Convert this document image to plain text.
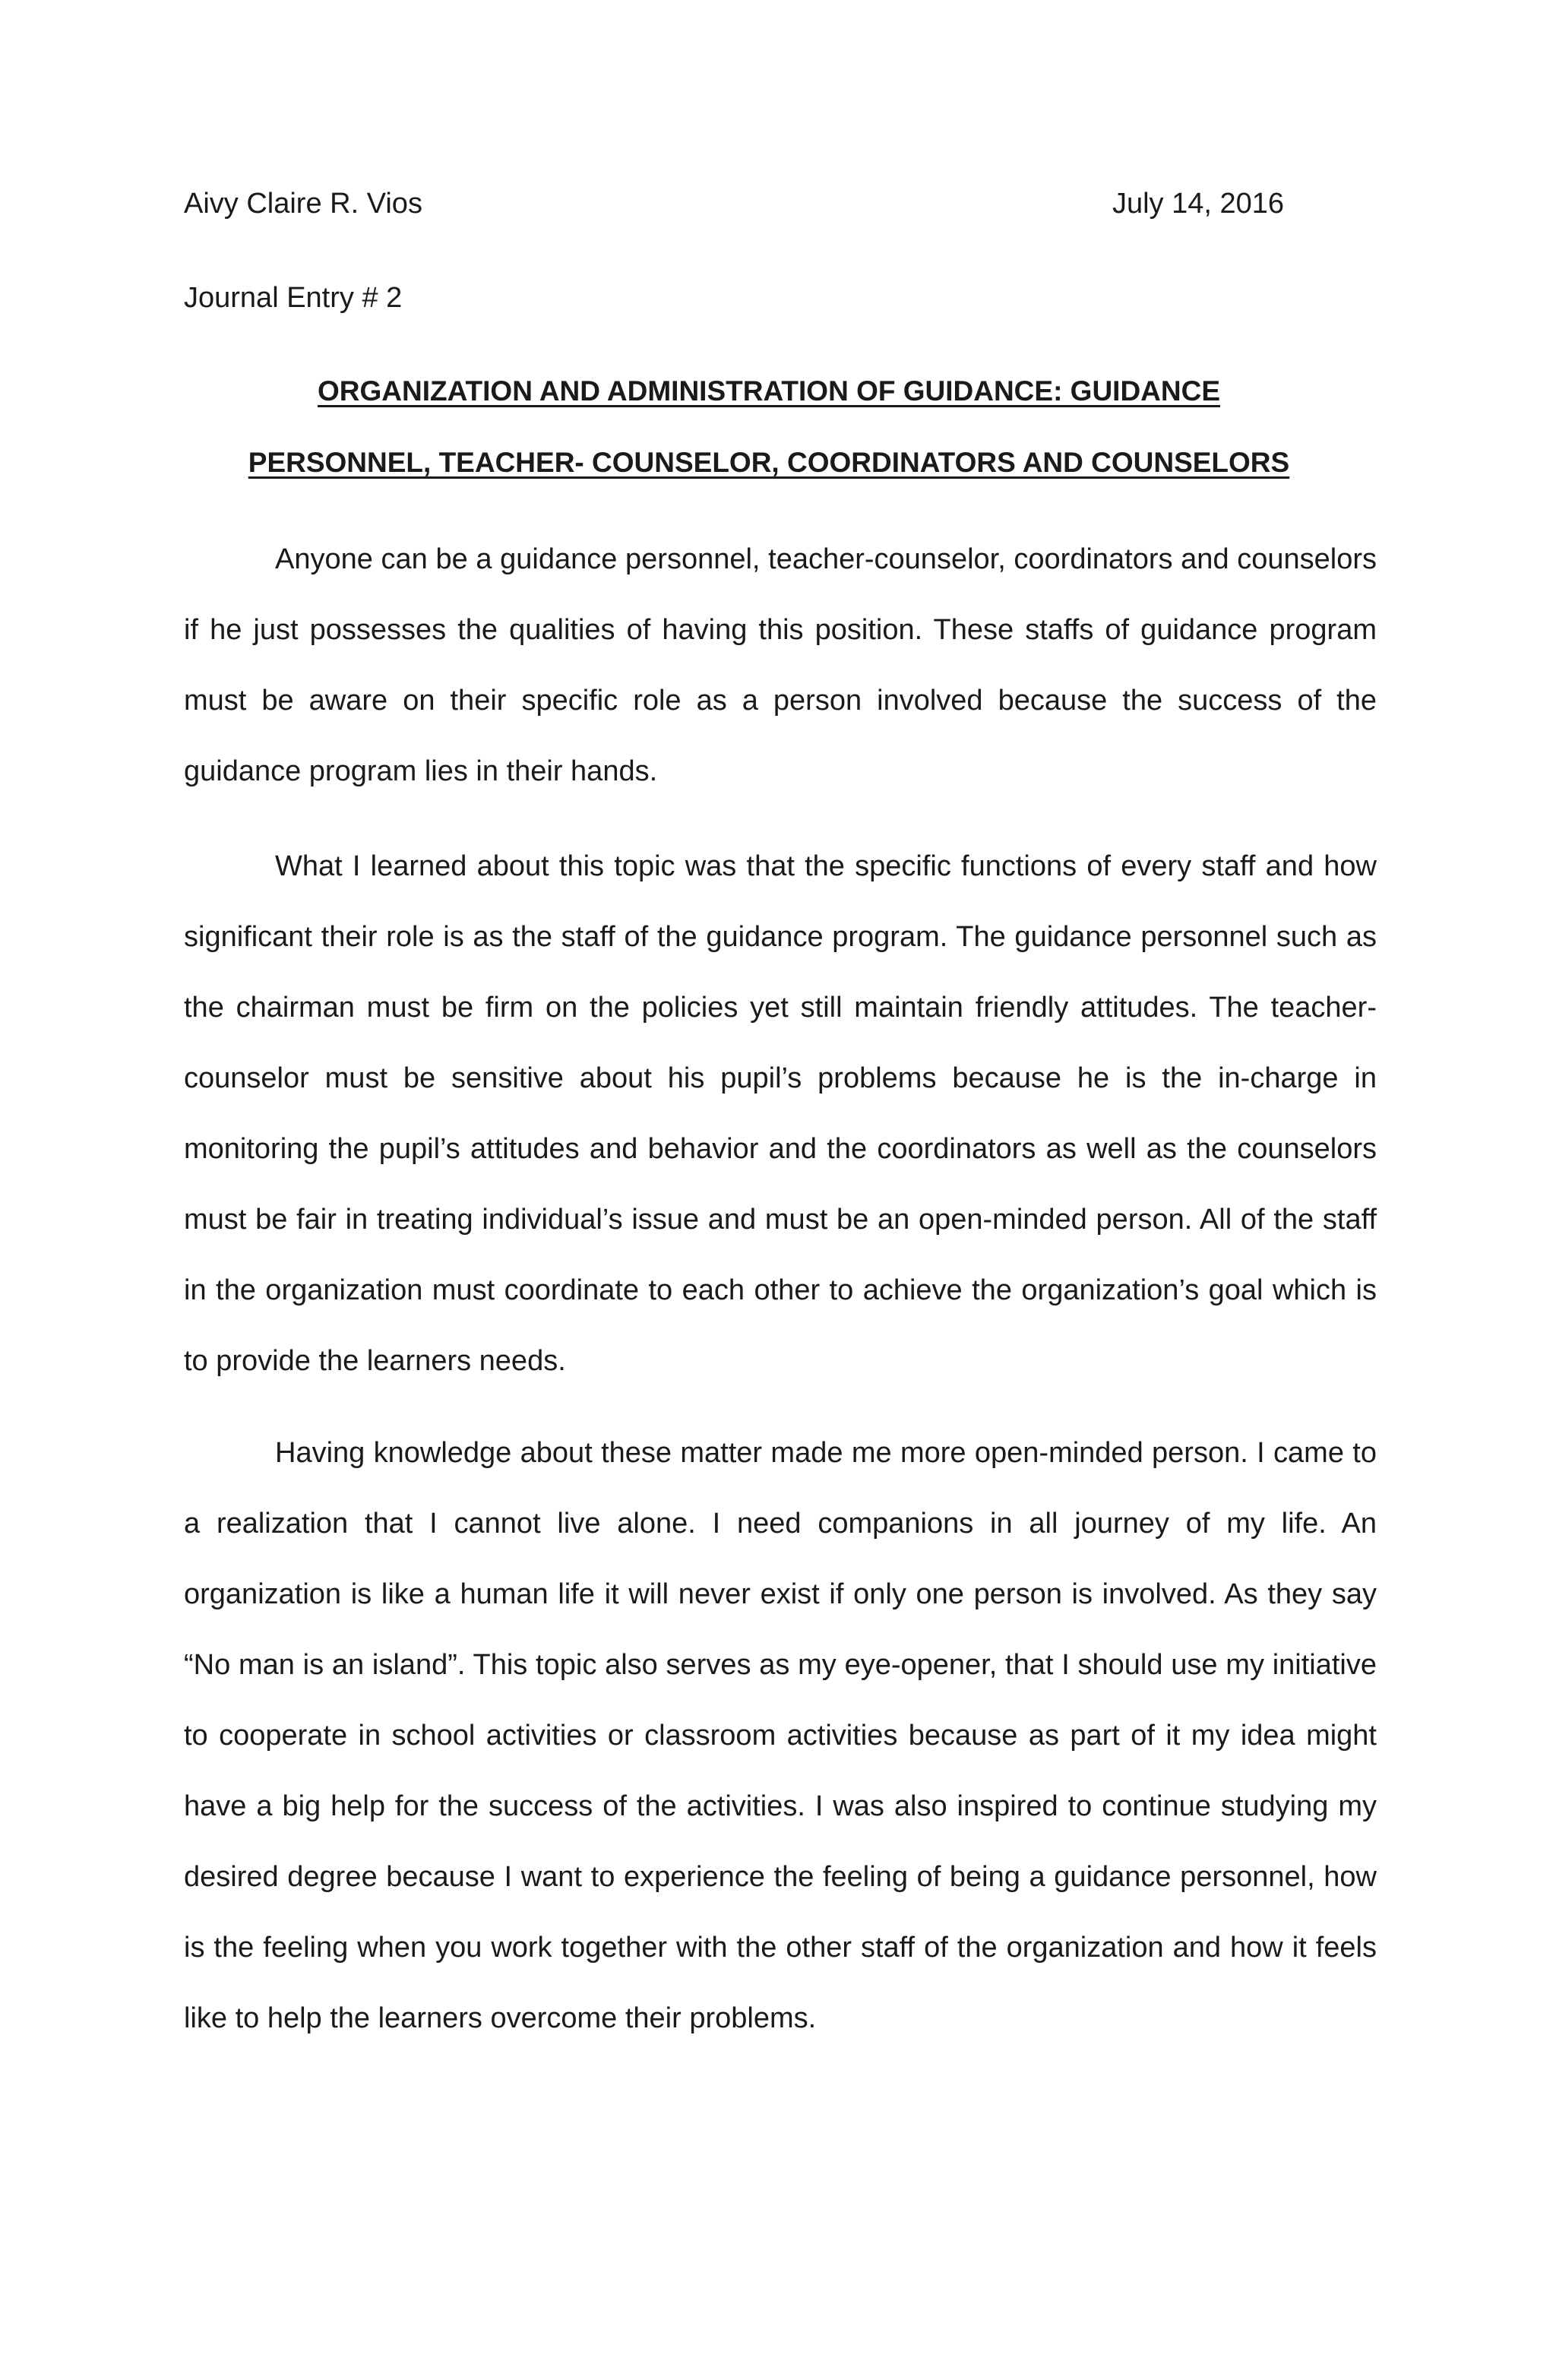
Aivy Claire R. Vios	July 14, 2016
Journal Entry # 2
ORGANIZATION AND ADMINISTRATION OF GUIDANCE: GUIDANCE
PERSONNEL, TEACHER- COUNSELOR, COORDINATORS AND COUNSELORS

Anyone can be a guidance personnel, teacher-counselor, coordinators and counselors if he just possesses the qualities of having this position. These staffs of guidance program must be aware on their specific role as a person involved because the success of the guidance program lies in their hands.

What I learned about this topic was that the specific functions of every staff and how significant their role is as the staff of the guidance program. The guidance personnel such as the chairman must be firm on the policies yet still maintain friendly attitudes. The teacher-counselor must be sensitive about his pupil’s problems because he is the in-charge in monitoring the pupil’s attitudes and behavior and the coordinators as well as the counselors must be fair in treating individual’s issue and must be an open-minded person. All of the staff in the organization must coordinate to each other to achieve the organization’s goal which is to provide the learners needs.

Having knowledge about these matter made me more open-minded person. I came to a realization that I cannot live alone. I need companions in all journey of my life. An organization is like a human life it will never exist if only one person is involved. As they say “No man is an island”. This topic also serves as my eye-opener, that I should use my initiative to cooperate in school activities or classroom activities because as part of it my idea might have a big help for the success of the activities. I was also inspired to continue studying my desired degree because I want to experience the feeling of being a guidance personnel, how is the feeling when you work together with the other staff of the organization and how it feels like to help the learners overcome their problems.
